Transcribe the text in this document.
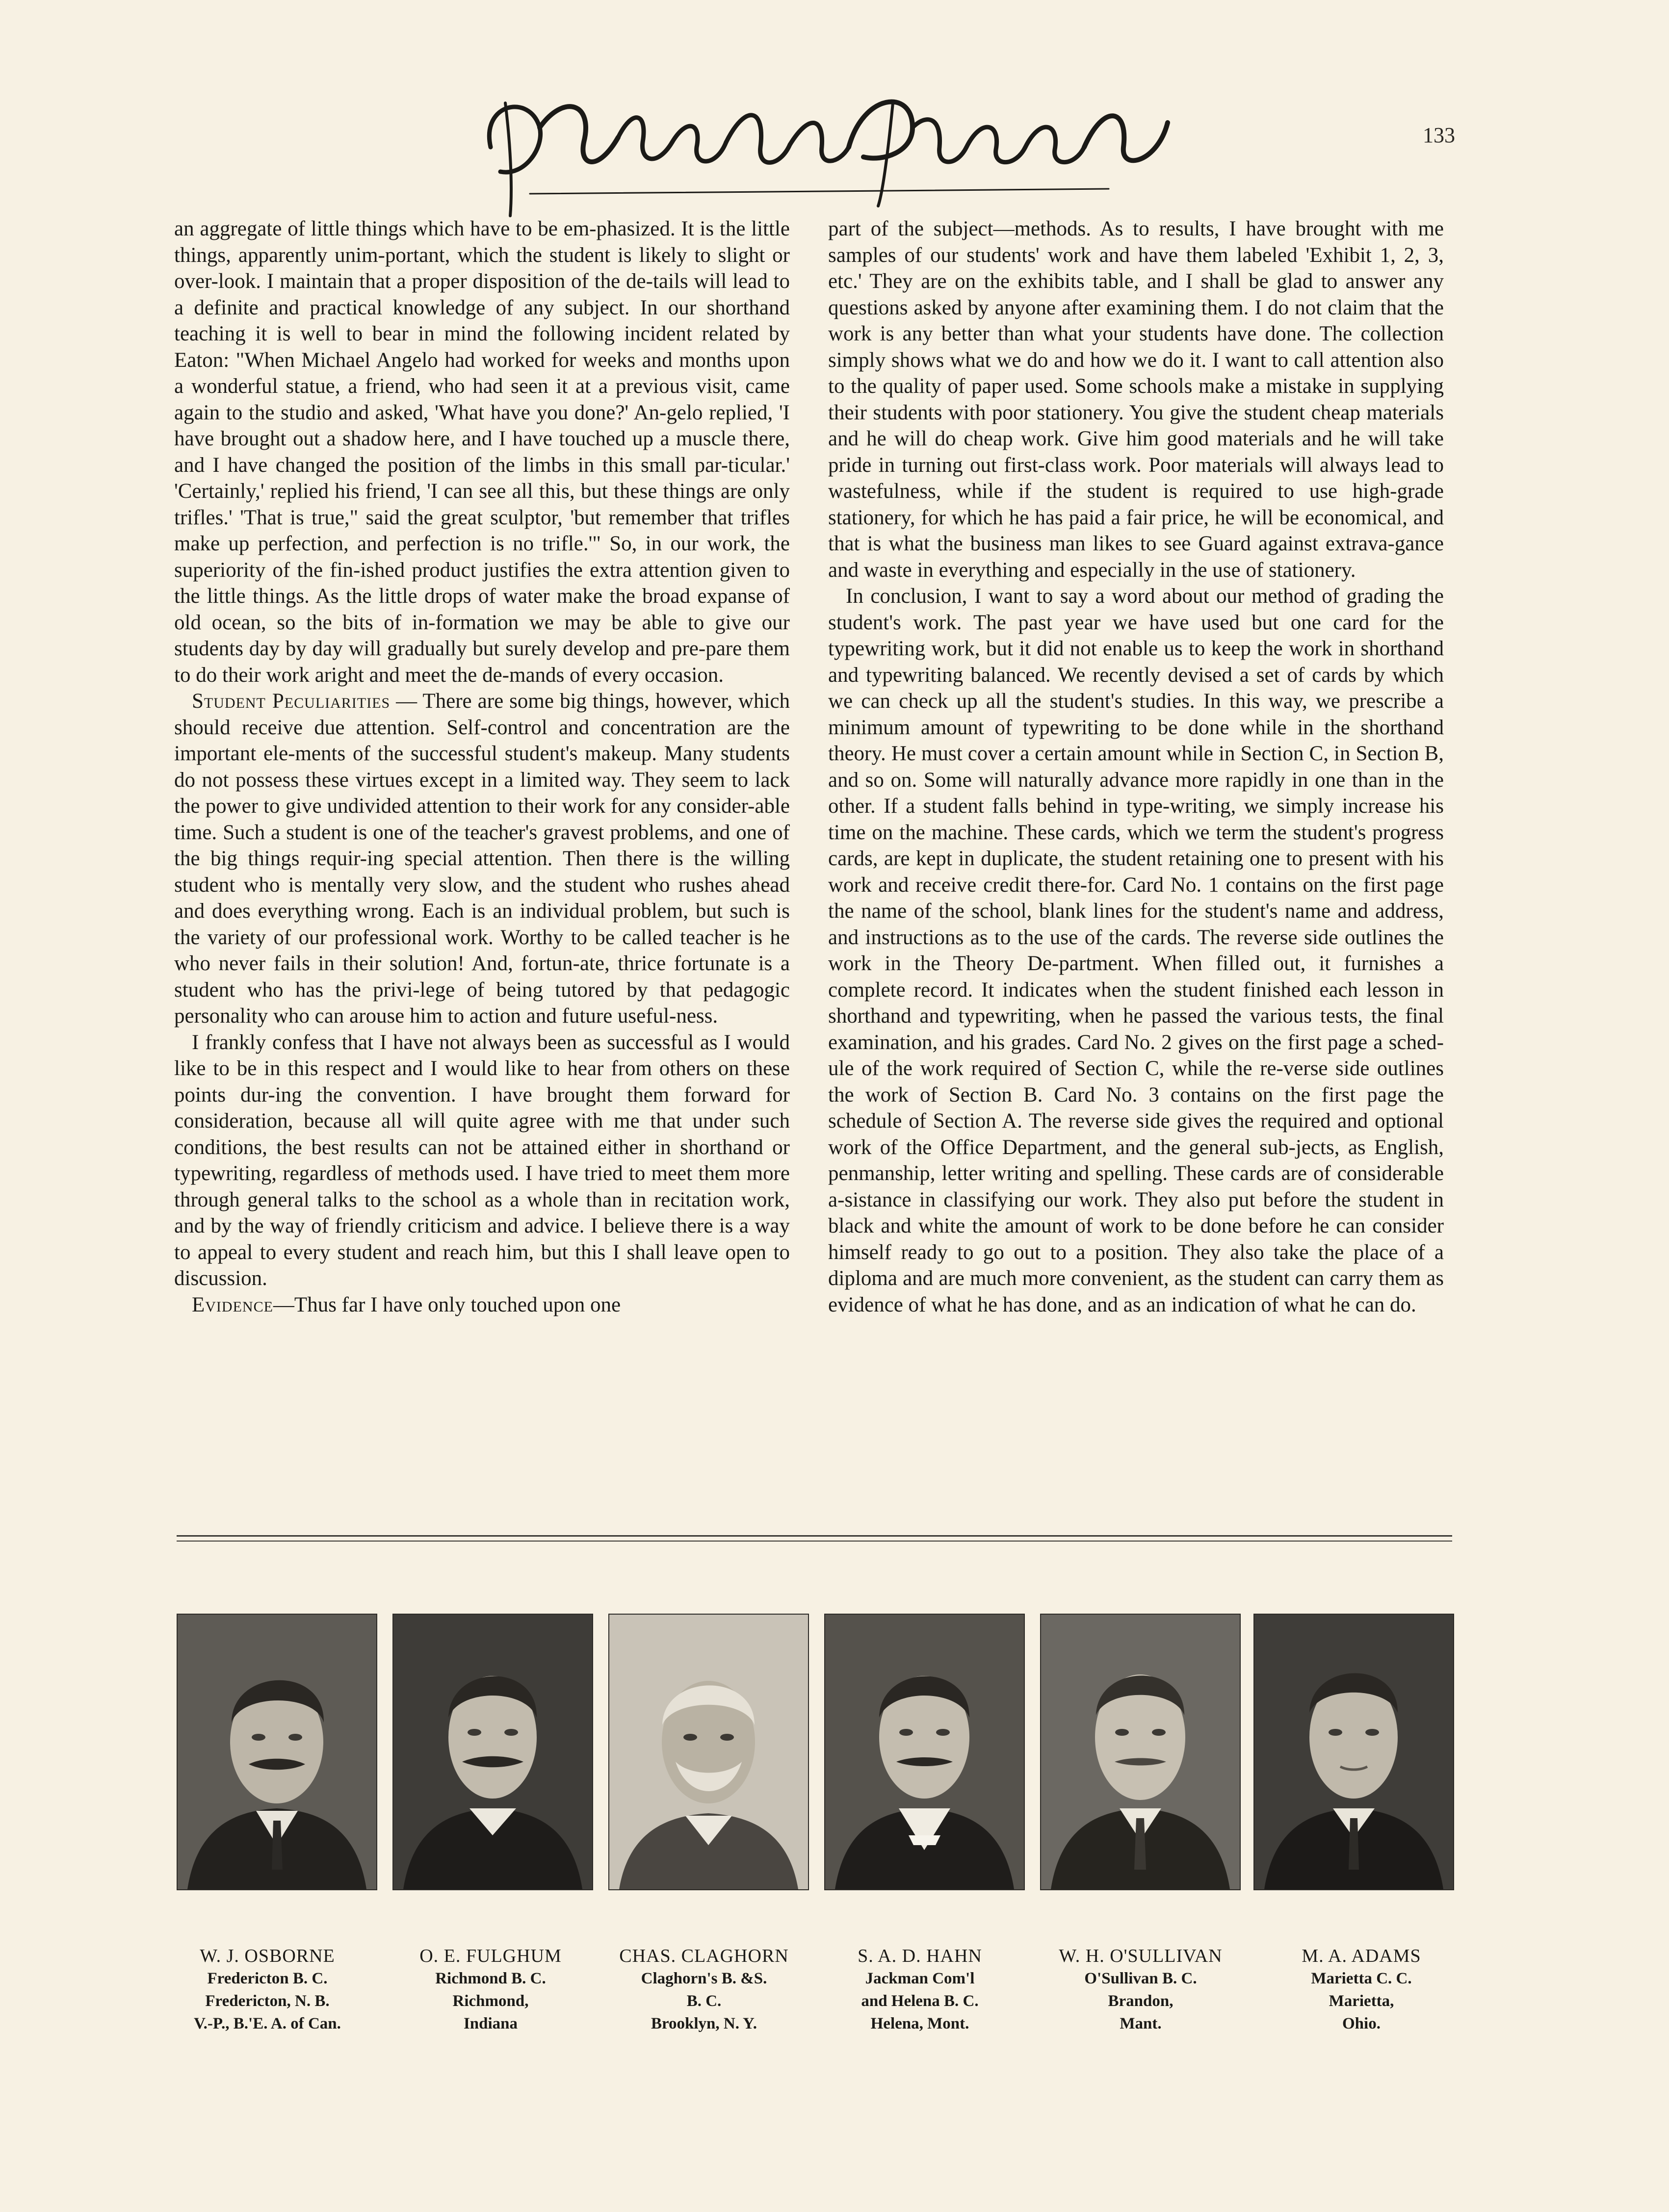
133

an aggregate of little things which have to be em-phasized. It is the little things, apparently unim-portant, which the student is likely to slight or over-look. I maintain that a proper disposition of the de-tails will lead to a definite and practical knowledge of any subject. In our shorthand teaching it is well to bear in mind the following incident related by Eaton: "When Michael Angelo had worked for weeks and months upon a wonderful statue, a friend, who had seen it at a previous visit, came again to the studio and asked, 'What have you done?' An-gelo replied, 'I have brought out a shadow here, and I have touched up a muscle there, and I have changed the position of the limbs in this small par-ticular.' 'Certainly,' replied his friend, 'I can see all this, but these things are only trifles.' 'That is true," said the great sculptor, 'but remember that trifles make up perfection, and perfection is no trifle.'" So, in our work, the superiority of the fin-ished product justifies the extra attention given to the little things. As the little drops of water make the broad expanse of old ocean, so the bits of in-formation we may be able to give our students day by day will gradually but surely develop and pre-pare them to do their work aright and meet the de-mands of every occasion.

Student Peculiarities — There are some big things, however, which should receive due attention. Self-control and concentration are the important ele-ments of the successful student's makeup. Many students do not possess these virtues except in a limited way. They seem to lack the power to give undivided attention to their work for any consider-able time. Such a student is one of the teacher's gravest problems, and one of the big things requir-ing special attention. Then there is the willing student who is mentally very slow, and the student who rushes ahead and does everything wrong. Each is an individual problem, but such is the variety of our professional work. Worthy to be called teacher is he who never fails in their solution! And, fortun-ate, thrice fortunate is a student who has the privi-lege of being tutored by that pedagogic personality who can arouse him to action and future useful-ness.

I frankly confess that I have not always been as successful as I would like to be in this respect and I would like to hear from others on these points dur-ing the convention. I have brought them forward for consideration, because all will quite agree with me that under such conditions, the best results can not be attained either in shorthand or typewriting, regardless of methods used. I have tried to meet them more through general talks to the school as a whole than in recitation work, and by the way of friendly criticism and advice. I believe there is a way to appeal to every student and reach him, but this I shall leave open to discussion.

Evidence—Thus far I have only touched upon one

part of the subject—methods. As to results, I have brought with me samples of our students' work and have them labeled 'Exhibit 1, 2, 3, etc.' They are on the exhibits table, and I shall be glad to answer any questions asked by anyone after examining them. I do not claim that the work is any better than what your students have done. The collection simply shows what we do and how we do it. I want to call attention also to the quality of paper used. Some schools make a mistake in supplying their students with poor stationery. You give the student cheap materials and he will do cheap work. Give him good materials and he will take pride in turning out first-class work. Poor materials will always lead to wastefulness, while if the student is required to use high-grade stationery, for which he has paid a fair price, he will be economical, and that is what the business man likes to see Guard against extrava-gance and waste in everything and especially in the use of stationery.

In conclusion, I want to say a word about our method of grading the student's work. The past year we have used but one card for the typewriting work, but it did not enable us to keep the work in shorthand and typewriting balanced. We recently devised a set of cards by which we can check up all the student's studies. In this way, we prescribe a minimum amount of typewriting to be done while in the shorthand theory. He must cover a certain amount while in Section C, in Section B, and so on. Some will naturally advance more rapidly in one than in the other. If a student falls behind in type-writing, we simply increase his time on the machine. These cards, which we term the student's progress cards, are kept in duplicate, the student retaining one to present with his work and receive credit there-for. Card No. 1 contains on the first page the name of the school, blank lines for the student's name and address, and instructions as to the use of the cards. The reverse side outlines the work in the Theory De-partment. When filled out, it furnishes a complete record. It indicates when the student finished each lesson in shorthand and typewriting, when he passed the various tests, the final examination, and his grades. Card No. 2 gives on the first page a sched-ule of the work required of Section C, while the re-verse side outlines the work of Section B. Card No. 3 contains on the first page the schedule of Section A. The reverse side gives the required and optional work of the Office Department, and the general sub-jects, as English, penmanship, letter writing and spelling. These cards are of considerable a-sistance in classifying our work. They also put before the student in black and white the amount of work to be done before he can consider himself ready to go out to a position. They also take the place of a diploma and are much more convenient, as the student can carry them as evidence of what he has done, and as an indication of what he can do.

W. J. OSBORNE
Fredericton B. C.
Fredericton, N. B.
V.-P., B.'E. A. of Can.
O. E. FULGHUM
Richmond B. C.
Richmond,
Indiana
CHAS. CLAGHORN
Claghorn's B. &S.
B. C.
Brooklyn, N. Y.
S. A. D. HAHN
Jackman Com'l
and Helena B. C.
Helena, Mont.
W. H. O'SULLIVAN
O'Sullivan B. C.
Brandon,
Mant.
M. A. ADAMS
Marietta C. C.
Marietta,
Ohio.
